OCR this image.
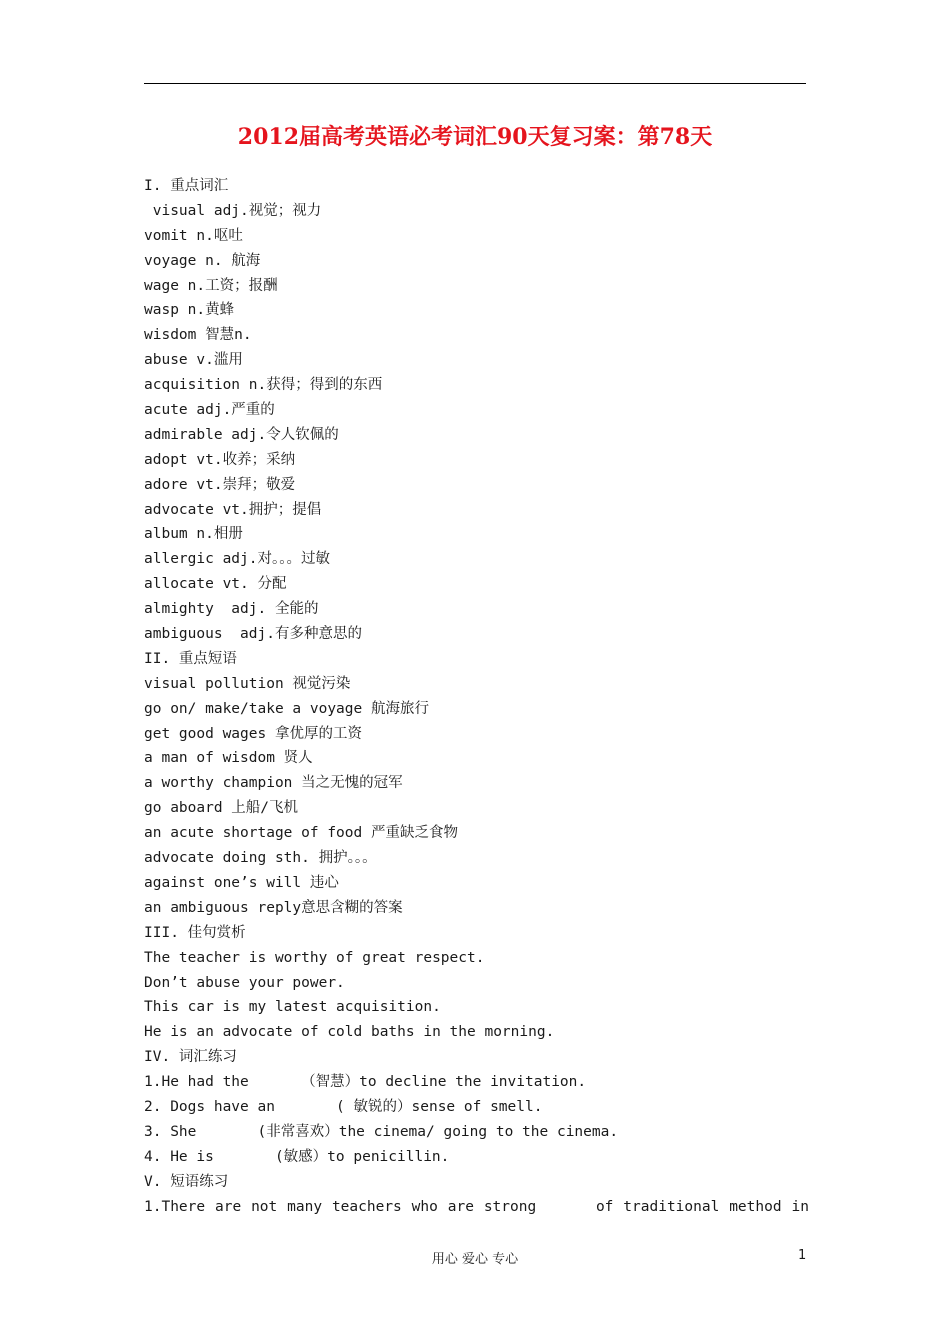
2012届高考英语必考词汇90天复习案：第78天
I. 重点词汇
visual adj.视觉；视力
vomit n.呕吐
voyage n. 航海
wage n.工资；报酬
wasp n.黄蜂
wisdom 智慧n.
abuse v.滥用
acquisition n.获得；得到的东西
acute adj.严重的
admirable adj.令人钦佩的
adopt vt.收养；采纳
adore vt.崇拜；敬爱
advocate vt.拥护；提倡
album n.相册
allergic adj.对。。。过敏
allocate vt. 分配
almighty  adj. 全能的
ambiguous  adj.有多种意思的
II. 重点短语
visual pollution 视觉污染
go on/ make/take a voyage 航海旅行
get good wages 拿优厚的工资
a man of wisdom 贤人
a worthy champion 当之无愧的冠军
go aboard 上船/飞机
an acute shortage of food 严重缺乏食物
advocate doing sth. 拥护。。。
against one’s will 违心
an ambiguous reply意思含糊的答案
III. 佳句赏析
The teacher is worthy of great respect.
Don’t abuse your power.
This car is my latest acquisition.
He is an advocate of cold baths in the morning.
IV. 词汇练习
1.He had the      （智慧）to decline the invitation.
2. Dogs have an       ( 敏锐的）sense of smell.
3. She       (非常喜欢）the cinema/ going to the cinema.
4. He is       (敏感）to penicillin.
V. 短语练习
1.There are not many teachers who are strong	of traditional method in
用心 爱心 专心	1
